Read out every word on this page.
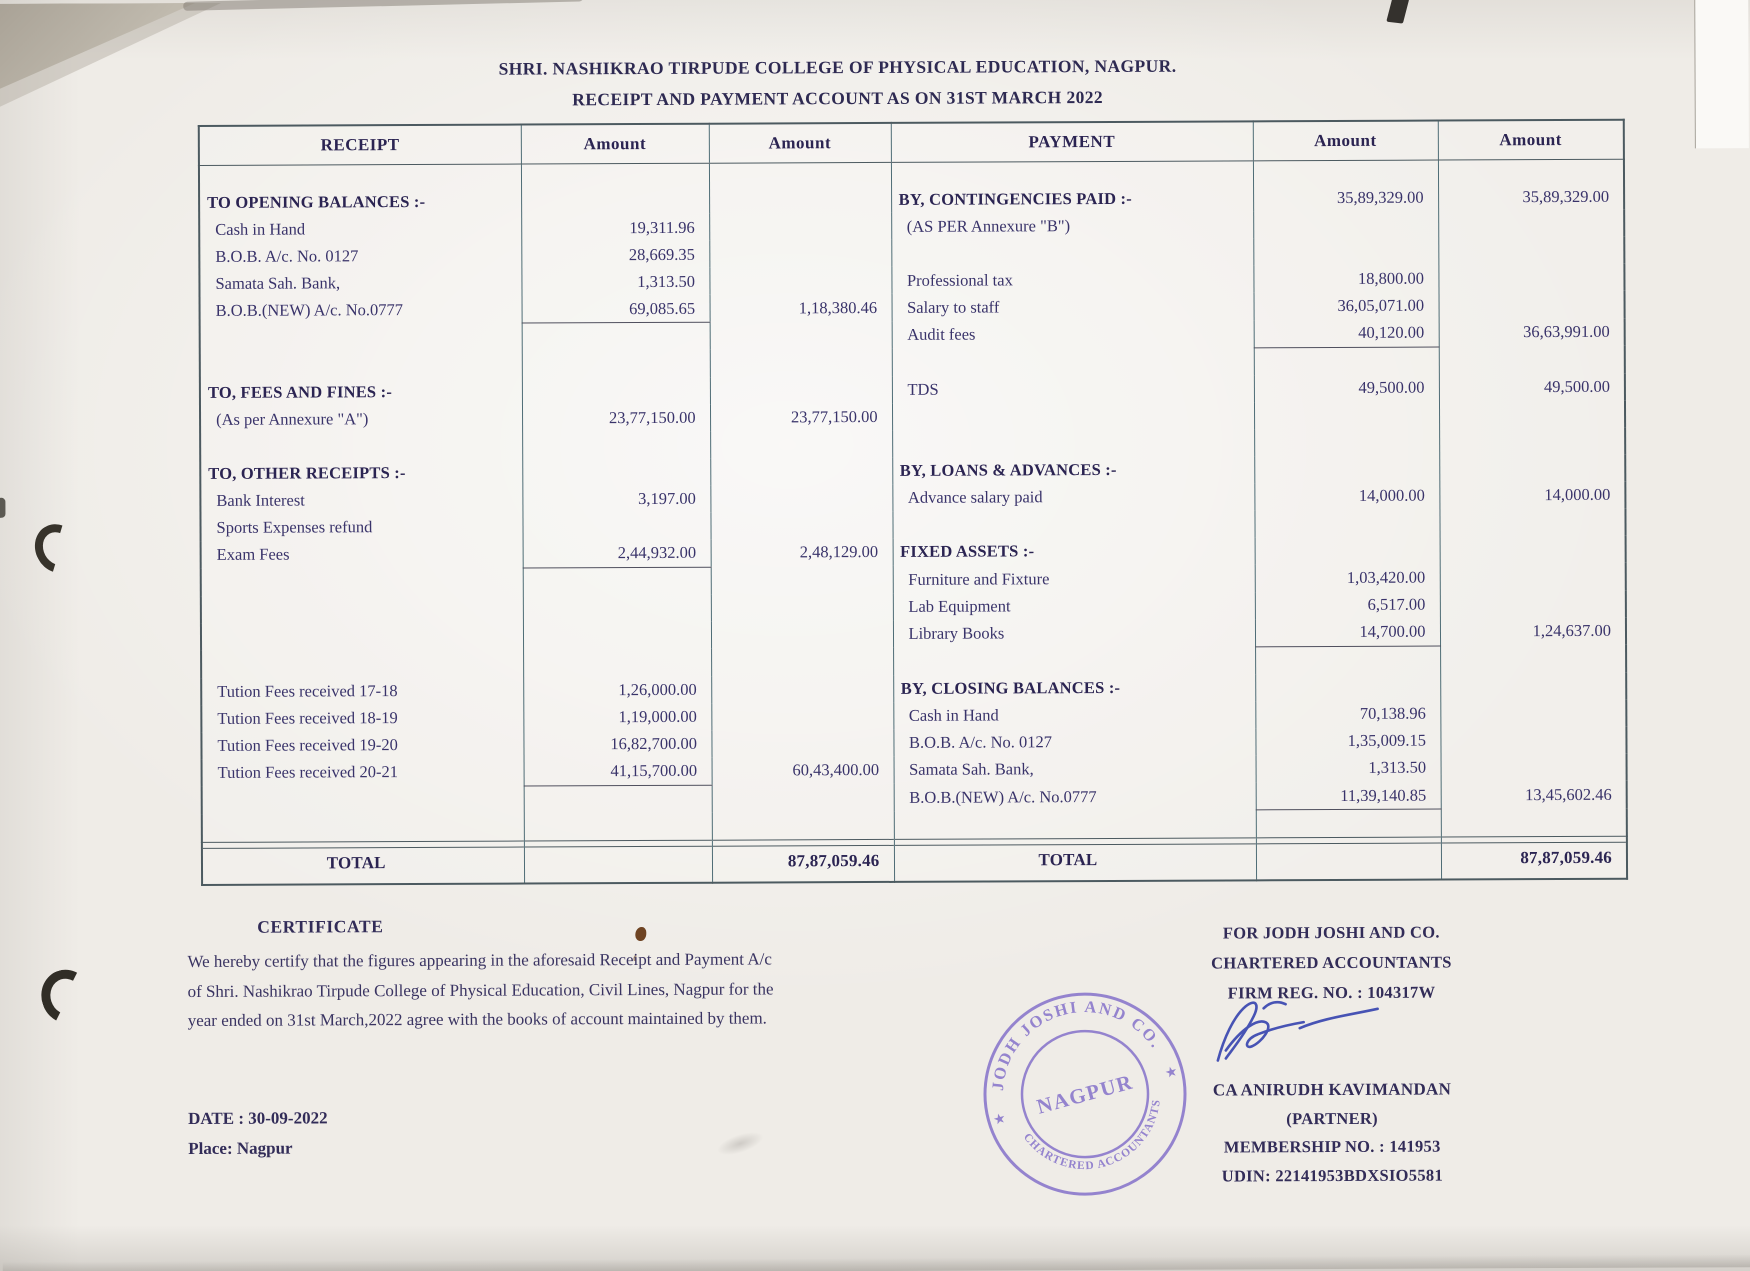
SHRI. NASHIKRAO TIRPUDE COLLEGE OF PHYSICAL EDUCATION, NAGPUR.
RECEIPT AND PAYMENT ACCOUNT AS ON 31ST MARCH 2022
RECEIPT	Amount	Amount	PAYMENT	Amount	Amount
TO OPENING BALANCES :-			BY, CONTINGENCIES PAID :-	35,89,329.00	35,89,329.00
Cash in Hand	19,311.96		(AS PER Annexure "B")		
B.O.B. A/c. No. 0127	28,669.35				
Samata Sah. Bank,	1,313.50		Professional tax	18,800.00	
B.O.B.(NEW) A/c. No.0777	69,085.65	1,18,380.46	Salary to staff	36,05,071.00	
			Audit fees	40,120.00	36,63,991.00

TO, FEES AND FINES :-			TDS	49,500.00	49,500.00
(As per Annexure "A")	23,77,150.00	23,77,150.00			

TO, OTHER RECEIPTS :-			BY, LOANS & ADVANCES :-		
Bank Interest	3,197.00		Advance salary paid	14,000.00	14,000.00
Sports Expenses refund					
Exam Fees	2,44,932.00	2,48,129.00	FIXED ASSETS :-		
			Furniture and Fixture	1,03,420.00	
			Lab Equipment	6,517.00	
			Library Books	14,700.00	1,24,637.00

Tution Fees received 17-18	1,26,000.00		BY, CLOSING BALANCES :-		
Tution Fees received 18-19	1,19,000.00		Cash in Hand	70,138.96	
Tution Fees received 19-20	16,82,700.00		B.O.B. A/c. No. 0127	1,35,009.15	
Tution Fees received 20-21	41,15,700.00	60,43,400.00	Samata Sah. Bank,	1,313.50	
			B.O.B.(NEW) A/c. No.0777	11,39,140.85	13,45,602.46

TOTAL		87,87,059.46	TOTAL		87,87,059.46
CERTIFICATE
We hereby certify that the figures appearing in the aforesaid Receipt and Payment A/c
of Shri. Nashikrao Tirpude College of Physical Education, Civil Lines, Nagpur for the
year ended on 31st March,2022 agree with the books of account maintained by them.
DATE : 30-09-2022
Place: Nagpur
FOR JODH JOSHI AND CO.
CHARTERED ACCOUNTANTS
FIRM REG. NO. : 104317W
CA ANIRUDH KAVIMANDAN
(PARTNER)
MEMBERSHIP NO. : 141953
UDIN: 22141953BDXSIO5581
JODH JOSHI AND CO.
CHARTERED ACCOUNTANTS
NAGPUR
★
★
